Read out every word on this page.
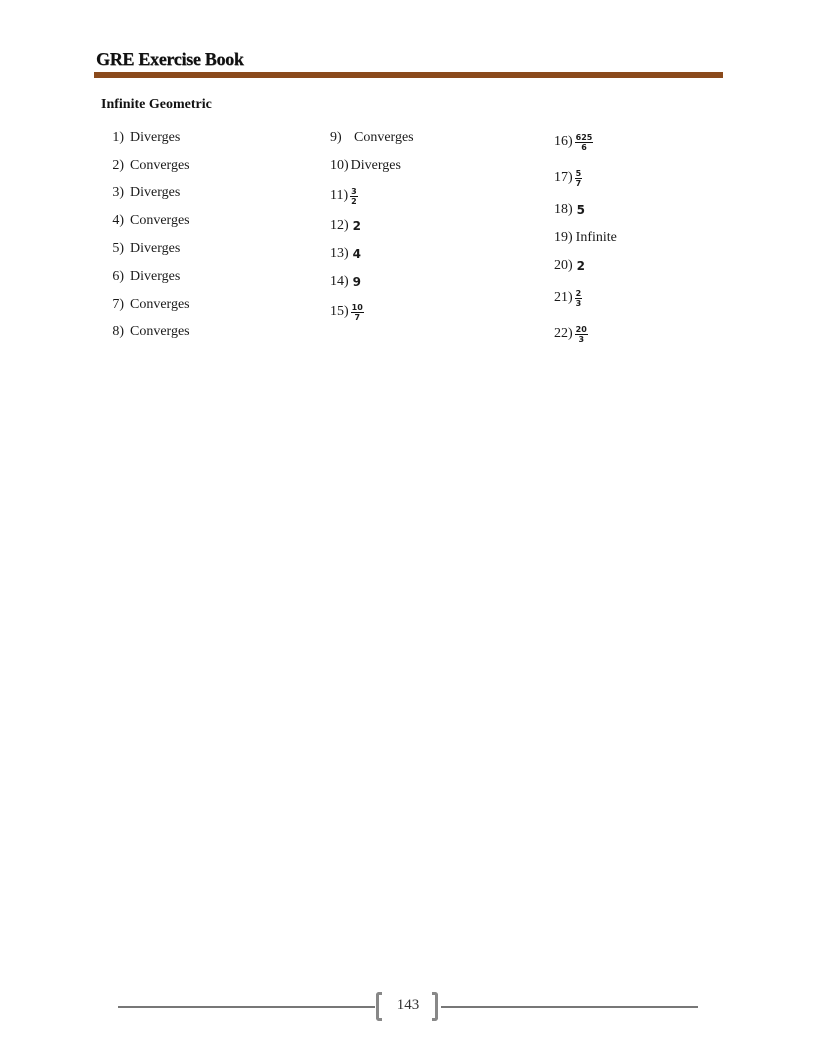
GRE Exercise Book
Infinite Geometric
1) Diverges
2) Converges
3) Diverges
4) Converges
5) Diverges
6) Diverges
7) Converges
8) Converges
9) Converges
10) Diverges
$11) \frac{3}{2}$
12) 2
13) 4
14) 9
$15) \frac{10}{7}$
$16) \frac{625}{6}$
$17) \frac{5}{7}$
18) 5
19) Infinite
20) 2
$21) \frac{2}{3}$
$22) \frac{20}{3}$
143
